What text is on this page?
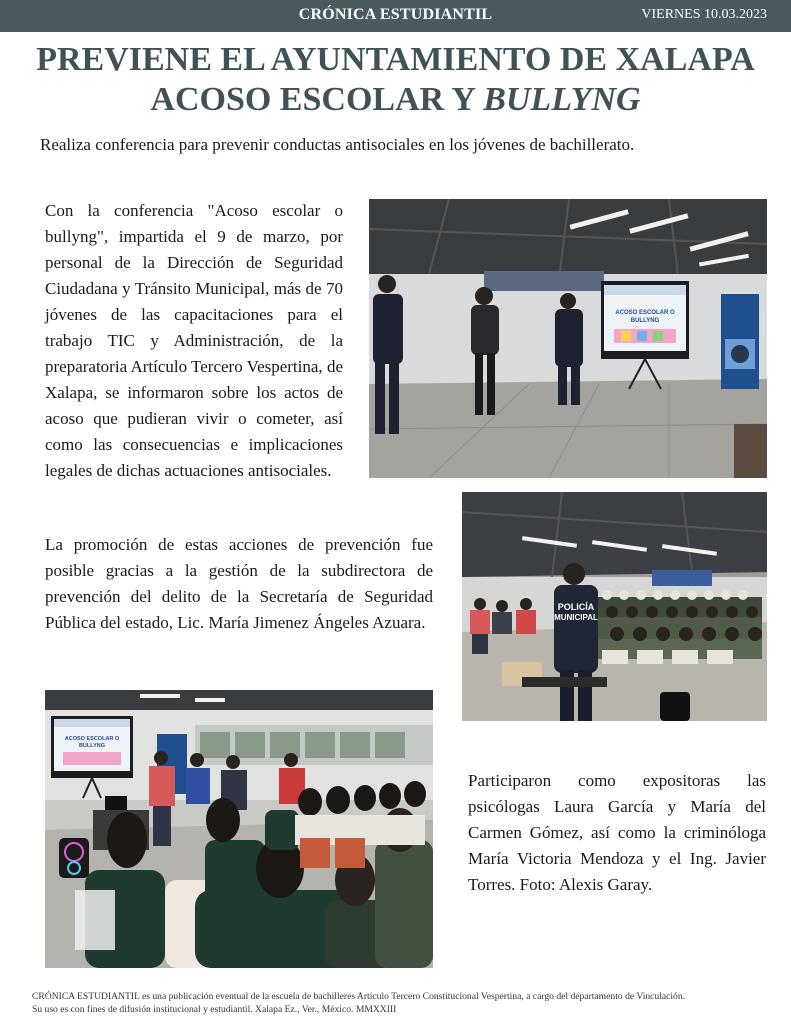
CRÓNICA ESTUDIANTIL	VIERNES 10.03.2023
PREVIENE EL AYUNTAMIENTO DE XALAPA
ACOSO ESCOLAR Y BULLYNG
Realiza conferencia para prevenir conductas antisociales en los jóvenes de bachillerato.

Con la conferencia "Acoso escolar o bullyng", impartida el 9 de marzo, por personal de la Dirección de Seguridad Ciudadana y Tránsito Municipal, más de 70 jóvenes de las capacitaciones para el trabajo TIC y Administración, de la preparatoria Artículo Tercero Vespertina, de Xalapa, se informaron sobre los actos de acoso que pudieran vivir o cometer, así como las consecuencias e implicaciones legales de dichas actuaciones antisociales.

La promoción de estas acciones de prevención fue posible gracias a la gestión de la subdirectora de prevención del delito de la Secretaría de Seguridad Pública del estado, Lic. María Jimenez Ángeles Azuara.

Participaron como expositoras las psicólogas Laura García y María del Carmen Gómez, así como la criminóloga María Victoria Mendoza y el Ing. Javier Torres. Foto: Alexis Garay.

ACOSO ESCOLAR O
BULLYNG
POLICÍA
MUNICIPAL
ACOSO ESCOLAR O
BULLYNG
CRÓNICA ESTUDIANTIL es una publicación eventual de la escuela de bachilleres Artículo Tercero Constitucional Vespertina, a cargo del departamento de Vinculación.
Su uso es con fines de difusión institucional y estudiantil. Xalapa Ez., Ver., México. MMXXIII
